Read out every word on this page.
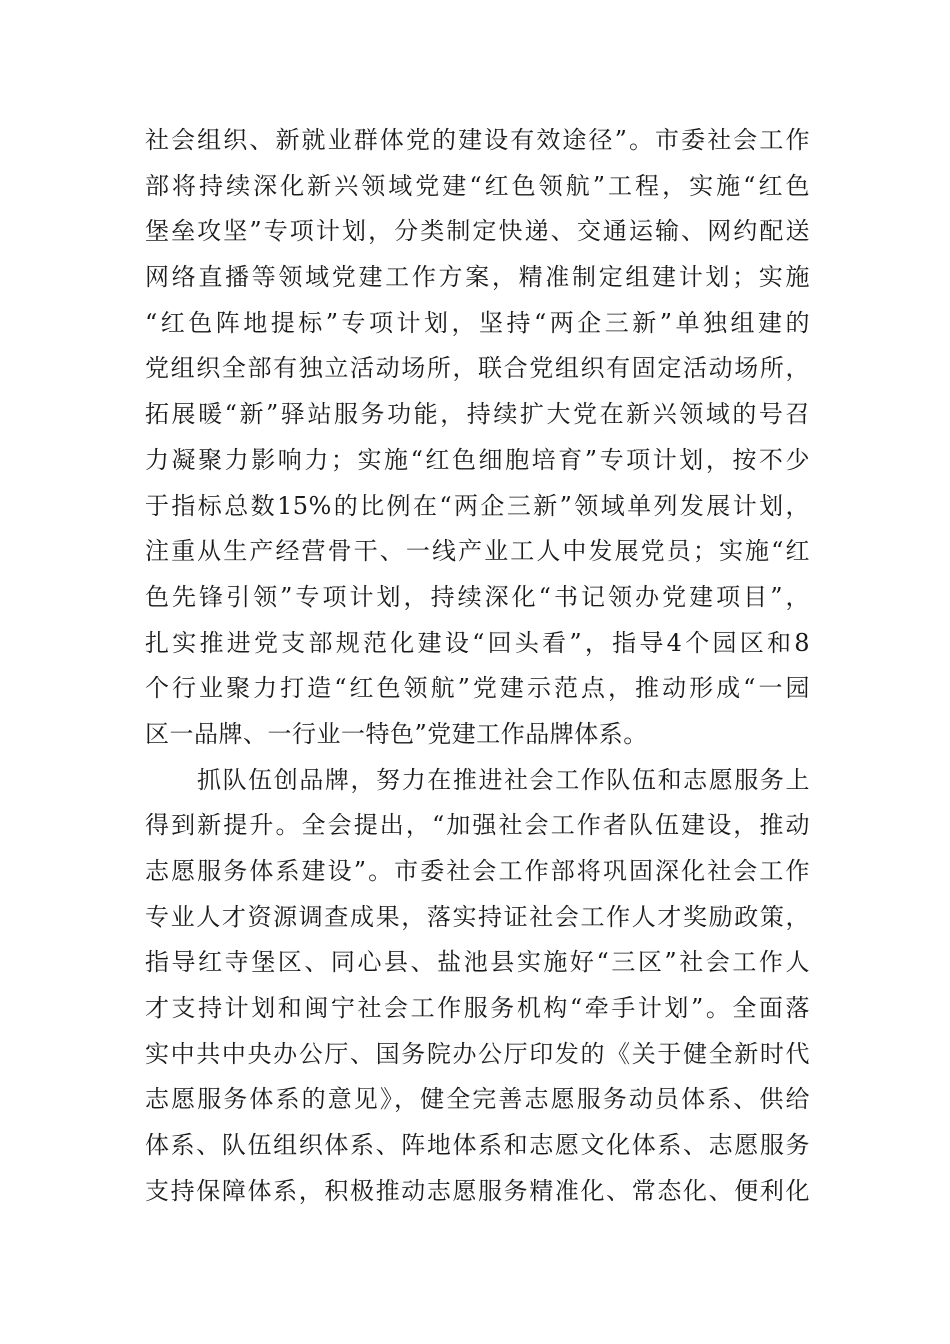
社会组织、新就业群体党的建设有效途径”。市委社会工作
部将持续深化新兴领域党建“红色领航”工程，实施“红色
堡垒攻坚”专项计划，分类制定快递、交通运输、网约配送
网络直播等领域党建工作方案，精准制定组建计划；实施
“红色阵地提标”专项计划，坚持“两企三新”单独组建的
党组织全部有独立活动场所，联合党组织有固定活动场所，
拓展暖“新”驿站服务功能，持续扩大党在新兴领域的号召
力凝聚力影响力；实施“红色细胞培育”专项计划，按不少
于指标总数15%的比例在“两企三新”领域单列发展计划，
注重从生产经营骨干、一线产业工人中发展党员；实施“红
色先锋引领”专项计划，持续深化“书记领办党建项目”，
扎实推进党支部规范化建设“回头看”，指导4个园区和8
个行业聚力打造“红色领航”党建示范点，推动形成“一园
区一品牌、一行业一特色”党建工作品牌体系。
抓队伍创品牌，努力在推进社会工作队伍和志愿服务上
得到新提升。全会提出，“加强社会工作者队伍建设，推动
志愿服务体系建设”。市委社会工作部将巩固深化社会工作
专业人才资源调查成果，落实持证社会工作人才奖励政策，
指导红寺堡区、同心县、盐池县实施好“三区”社会工作人
才支持计划和闽宁社会工作服务机构“牵手计划”。全面落
实中共中央办公厅、国务院办公厅印发的《关于健全新时代
志愿服务体系的意见》，健全完善志愿服务动员体系、供给
体系、队伍组织体系、阵地体系和志愿文化体系、志愿服务
支持保障体系，积极推动志愿服务精准化、常态化、便利化
